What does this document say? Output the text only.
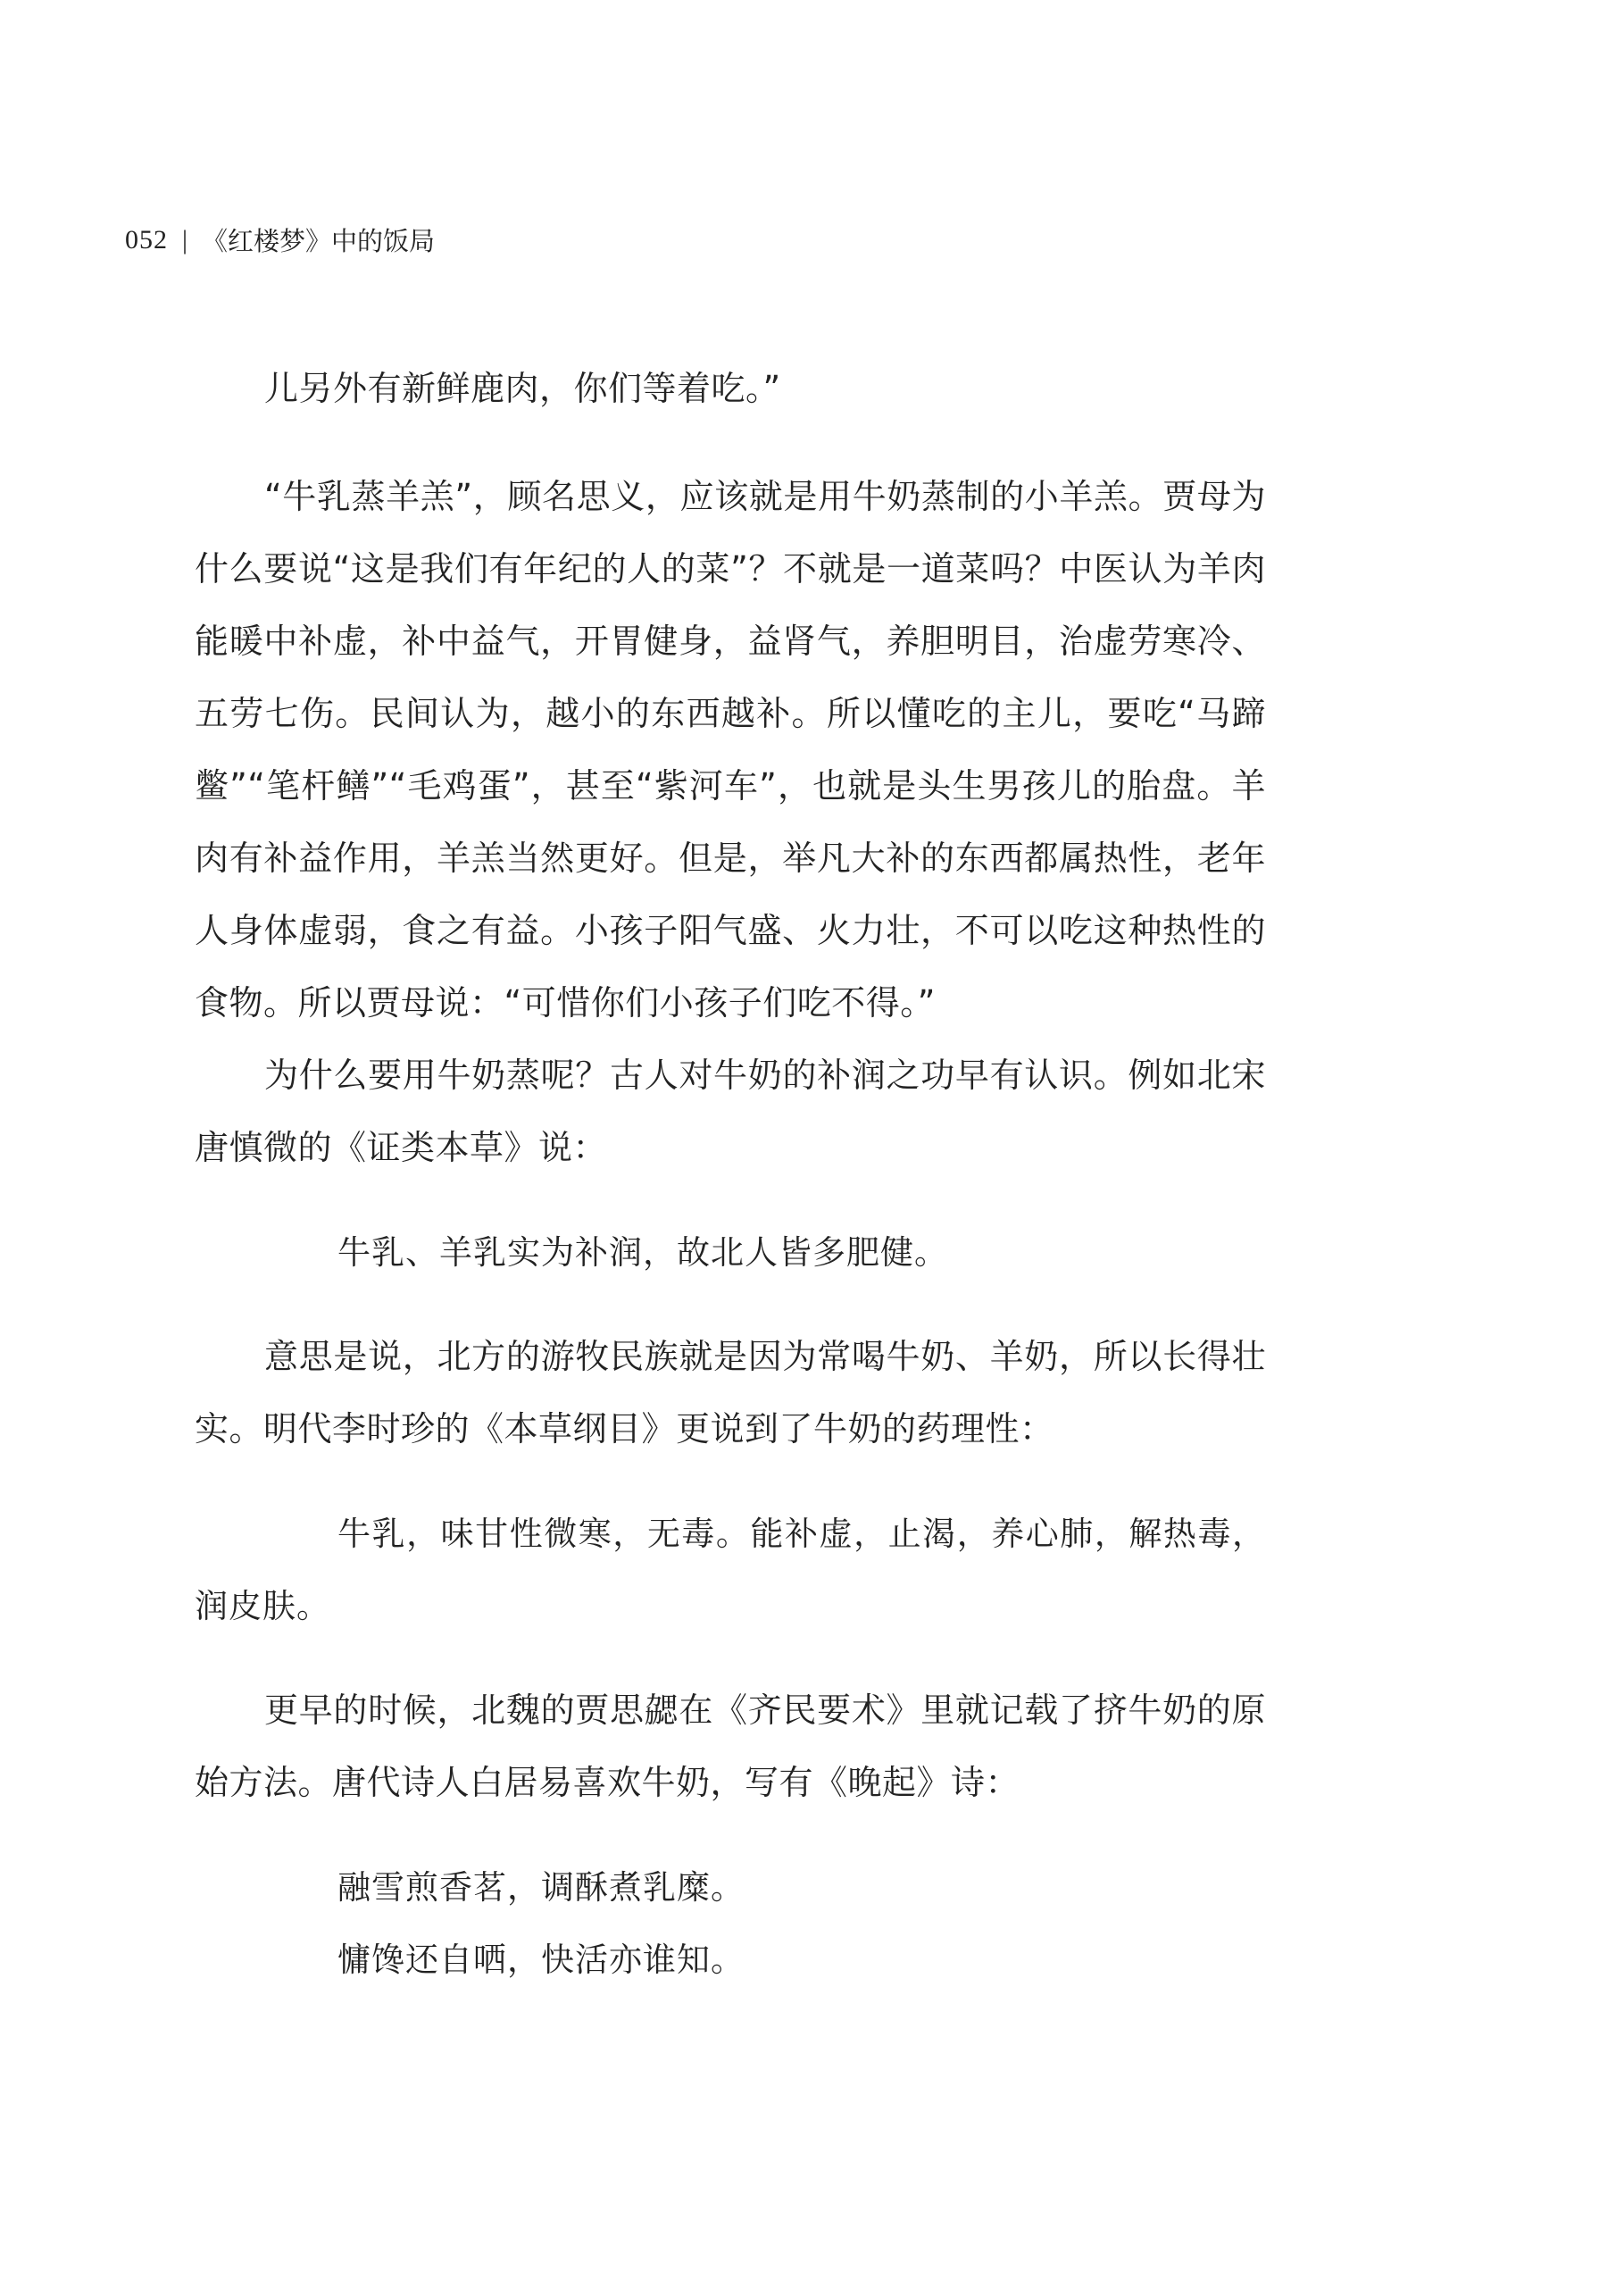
052 | 《红楼梦》中的饭局

儿另外有新鲜鹿肉，你们等着吃。”

“牛乳蒸羊羔”，顾名思义，应该就是用牛奶蒸制的小羊羔。贾母为什么要说“这是我们有年纪的人的菜”？不就是一道菜吗？中医认为羊肉能暖中补虚，补中益气，开胃健身，益肾气，养胆明目，治虚劳寒冷、五劳七伤。民间认为，越小的东西越补。所以懂吃的主儿，要吃“马蹄鳖”“笔杆鳝”“毛鸡蛋”，甚至“紫河车”，也就是头生男孩儿的胎盘。羊肉有补益作用，羊羔当然更好。但是，举凡大补的东西都属热性，老年人身体虚弱，食之有益。小孩子阳气盛、火力壮，不可以吃这种热性的食物。所以贾母说：“可惜你们小孩子们吃不得。”

为什么要用牛奶蒸呢？古人对牛奶的补润之功早有认识。例如北宋唐慎微的《证类本草》说：

牛乳、羊乳实为补润，故北人皆多肥健。

意思是说，北方的游牧民族就是因为常喝牛奶、羊奶，所以长得壮实。明代李时珍的《本草纲目》更说到了牛奶的药理性：

牛乳，味甘性微寒，无毒。能补虚，止渴，养心肺，解热毒，润皮肤。

更早的时候，北魏的贾思勰在《齐民要术》里就记载了挤牛奶的原始方法。唐代诗人白居易喜欢牛奶，写有《晚起》诗：

融雪煎香茗，调酥煮乳糜。

慵馋还自哂，快活亦谁知。
